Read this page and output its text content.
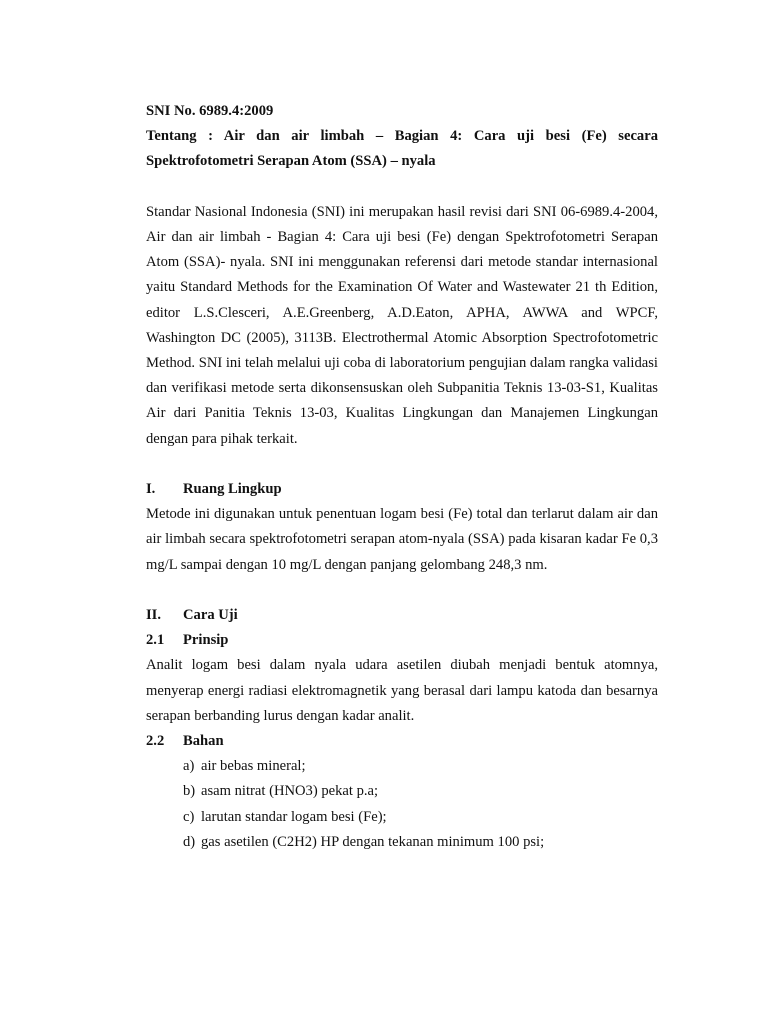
SNI No. 6989.4:2009

Tentang : Air dan air limbah – Bagian 4: Cara uji besi (Fe) secara

Spektrofotometri Serapan Atom (SSA) – nyala

Standar Nasional Indonesia (SNI) ini merupakan hasil revisi dari SNI 06-6989.4-2004, Air dan air limbah - Bagian 4: Cara uji besi (Fe) dengan Spektrofotometri Serapan Atom (SSA)- nyala. SNI ini menggunakan referensi dari metode standar internasional yaitu Standard Methods for the Examination Of Water and Wastewater 21 th Edition, editor L.S.Clesceri, A.E.Greenberg, A.D.Eaton, APHA, AWWA and WPCF, Washington DC (2005), 3113B. Electrothermal Atomic Absorption Spectrofotometric Method. SNI ini telah melalui uji coba di laboratorium pengujian dalam rangka validasi dan verifikasi metode serta dikonsensuskan oleh Subpanitia Teknis 13-03-S1, Kualitas Air dari Panitia Teknis 13-03, Kualitas Lingkungan dan Manajemen Lingkungan dengan para pihak terkait.

I.	Ruang Lingkup

Metode ini digunakan untuk penentuan logam besi (Fe) total dan terlarut dalam air dan air limbah secara spektrofotometri serapan atom-nyala (SSA) pada kisaran kadar Fe 0,3 mg/L sampai dengan 10 mg/L dengan panjang gelombang 248,3 nm.

II.	Cara Uji
2.1	Prinsip

Analit logam besi dalam nyala udara asetilen diubah menjadi bentuk atomnya, menyerap energi radiasi elektromagnetik yang berasal dari lampu katoda dan besarnya serapan berbanding lurus dengan kadar analit.

2.2	Bahan
a) air bebas mineral;
b) asam nitrat (HNO3) pekat p.a;
c) larutan standar logam besi (Fe);
d) gas asetilen (C2H2) HP dengan tekanan minimum 100 psi;
